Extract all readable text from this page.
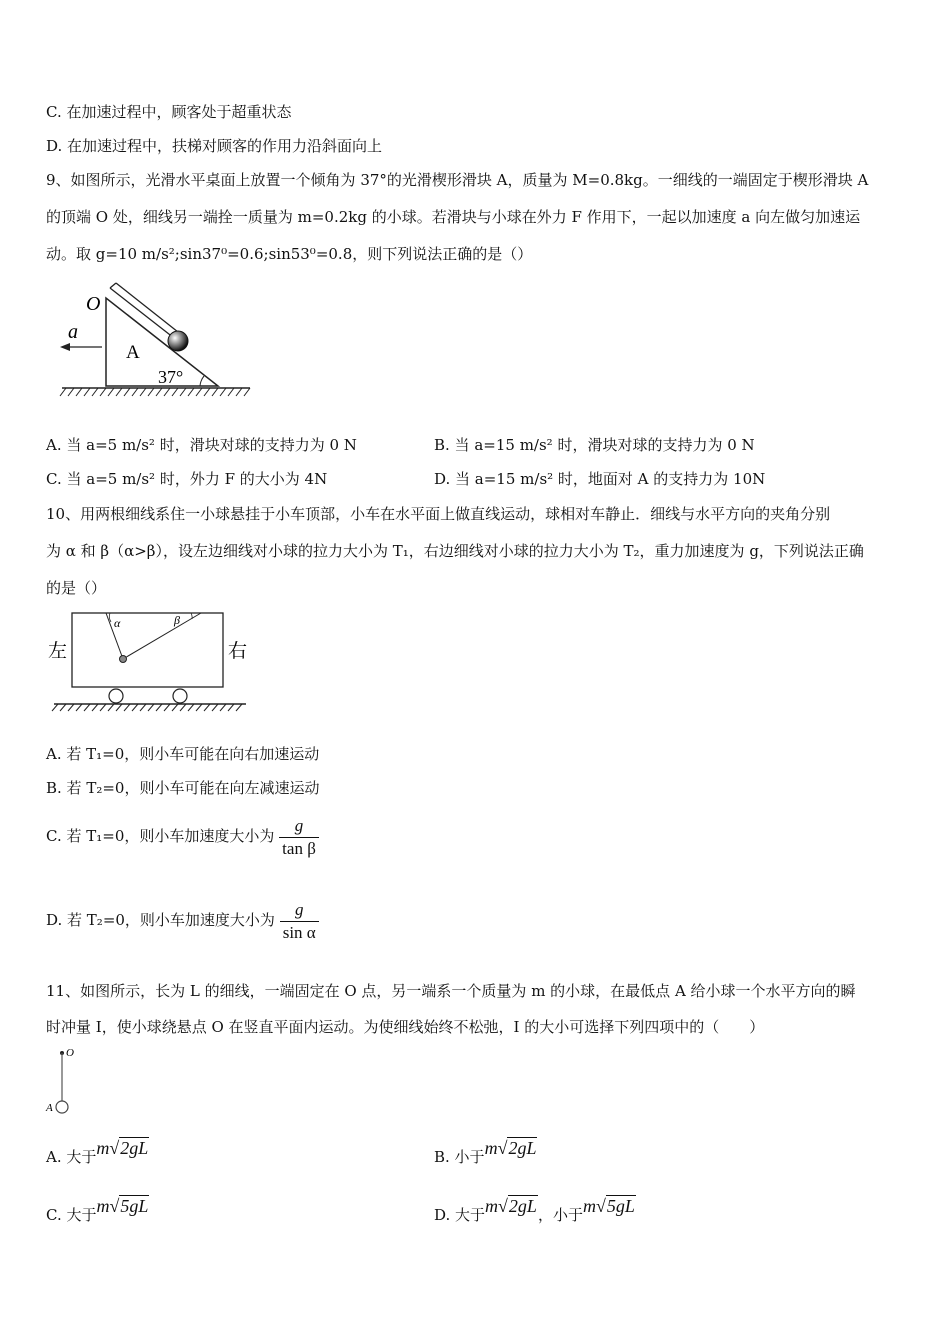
C. 在加速过程中，顾客处于超重状态
D. 在加速过程中，扶梯对顾客的作用力沿斜面向上
9、如图所示，光滑水平桌面上放置一个倾角为 37°的光滑楔形滑块 A，质量为 M=0.8kg。一细线的一端固定于楔形滑块 A
的顶端 O 处，细线另一端拴一质量为 m=0.2kg 的小球。若滑块与小球在外力 F 作用下，一起以加速度 a 向左做匀加速运
动。取 g=10 m/s²;sin37⁰=0.6;sin53⁰=0.8，则下列说法正确的是（）
O
a
A
37°
A. 当 a=5 m/s² 时，滑块对球的支持力为 0 N	B. 当 a=15 m/s² 时，滑块对球的支持力为 0 N
C. 当 a=5 m/s² 时，外力 F 的大小为 4N	D. 当 a=15 m/s² 时，地面对 A 的支持力为 10N
10、用两根细线系住一小球悬挂于小车顶部，小车在水平面上做直线运动，球相对车静止．细线与水平方向的夹角分别
为 α 和 β（α>β），设左边细线对小球的拉力大小为 T₁，右边细线对小球的拉力大小为 T₂，重力加速度为 g，下列说法正确
的是（）
α	β
左	右
A. 若 T₁=0，则小车可能在向右加速运动
B. 若 T₂=0，则小车可能在向左减速运动
C. 若 T₁=0，则小车加速度大小为 $\frac{g}{\text{tan β}}$
D. 若 T₂=0，则小车加速度大小为 $\frac{g}{\text{sin α}}$
11、如图所示，长为 L 的细线，一端固定在 O 点，另一端系一个质量为 m 的小球，在最低点 A 给小球一个水平方向的瞬
时冲量 I，使小球绕悬点 O 在竖直平面内运动。为使细线始终不松弛，I 的大小可选择下列四项中的（　　）
O
A
A. 大于m√2gL	B. 小于m√2gL
C. 大于m√5gL	D. 大于m√2gL，小于m√5gL
